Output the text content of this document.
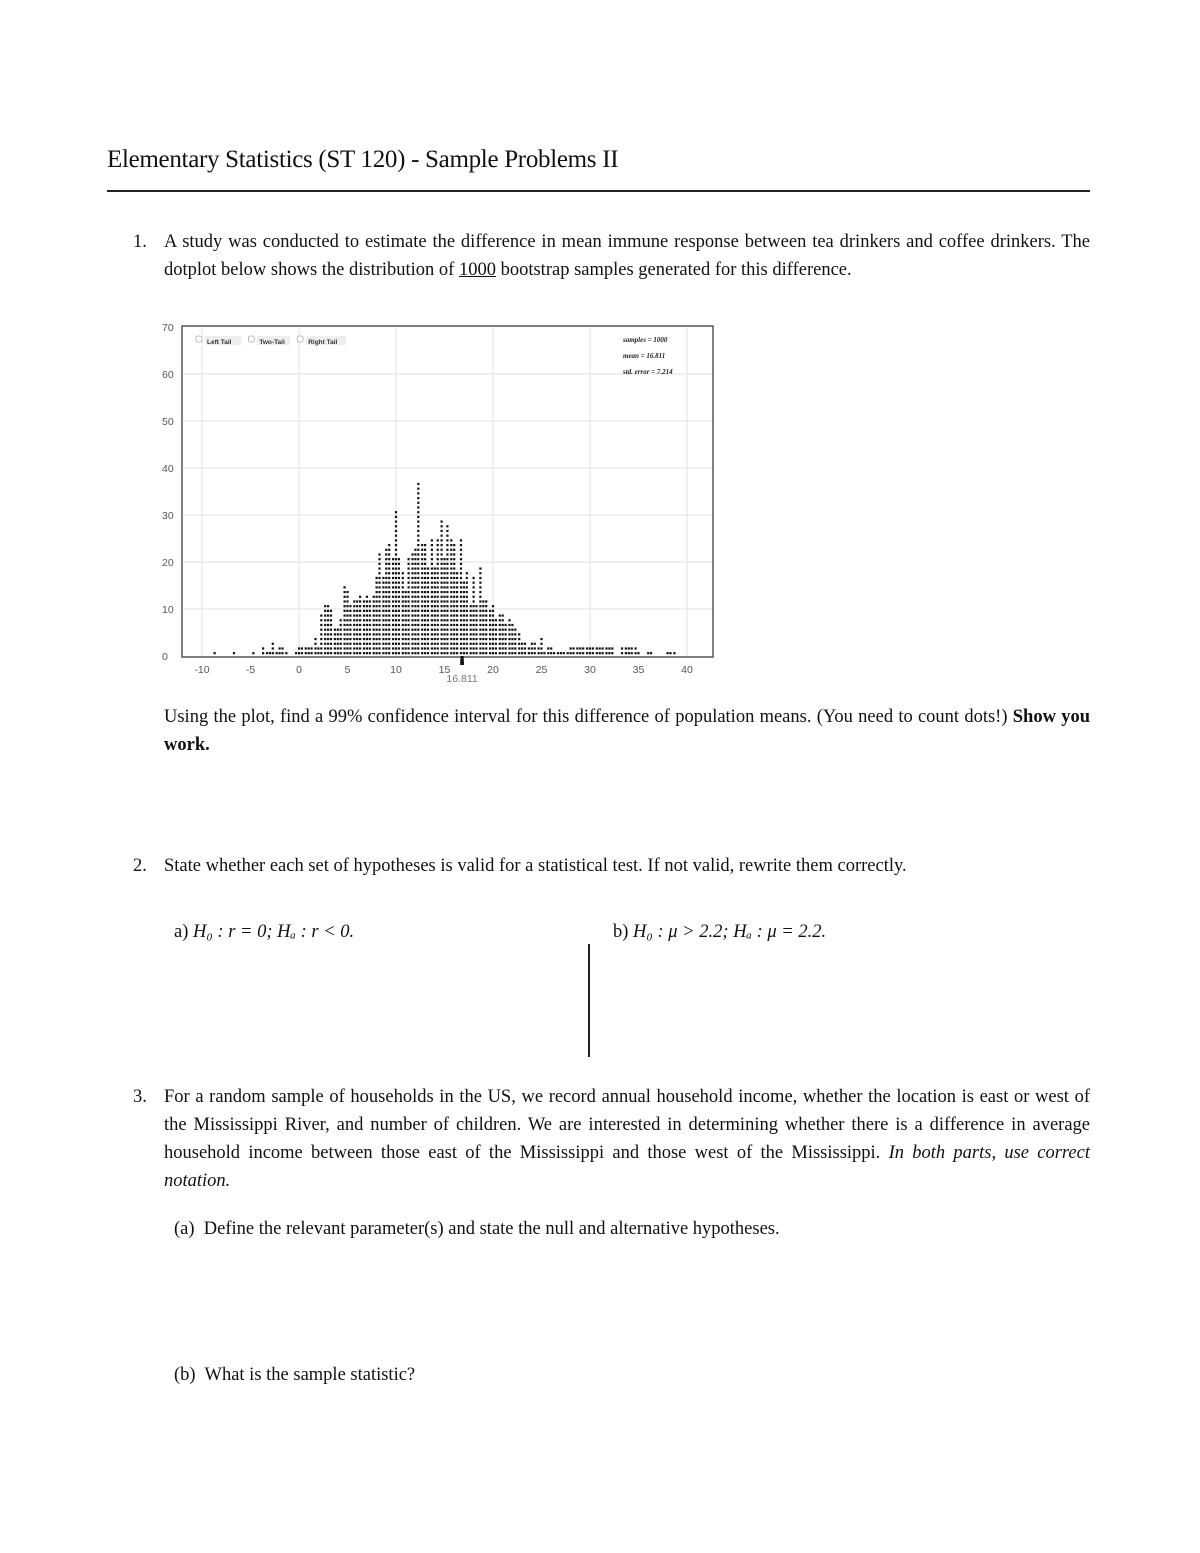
Elementary Statistics (ST 120) - Sample Problems II
1. A study was conducted to estimate the difference in mean immune response between tea drinkers and coffee drinkers. The dotplot below shows the distribution of 1000 bootstrap samples generated for this difference.
0
10
20
30
40
50
60
70
-10	-5	0	5	10	15	20	25	30	35	40
16.811
Left Tail	Two-Tail	Right Tail	samples = 1000
mean = 16.811
std. error = 7.214
Using the plot, find a 99% confidence interval for this difference of population means. (You need to count dots!) Show you work.
2. State whether each set of hypotheses is valid for a statistical test. If not valid, rewrite them correctly.
a) H₀ : r = 0; Hₐ : r < 0.	b) H₀ : μ > 2.2; Hₐ : μ = 2.2.
3. For a random sample of households in the US, we record annual household income, whether the location is east or west of the Mississippi River, and number of children. We are interested in determining whether there is a difference in average household income between those east of the Mississippi and those west of the Mississippi. In both parts, use correct notation.
(a) Define the relevant parameter(s) and state the null and alternative hypotheses.
(b) What is the sample statistic?
